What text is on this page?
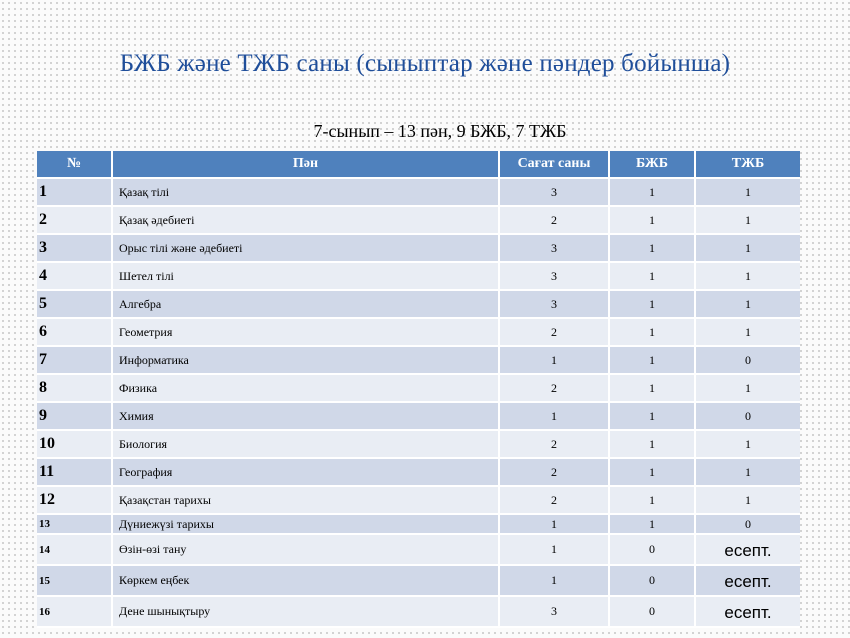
БЖБ және ТЖБ саны (сыныптар және пәндер бойынша)
7-сынып – 13 пән, 9 БЖБ, 7 ТЖБ
№	Пән	Сағат саны	БЖБ	ТЖБ
1	Қазақ тілі	3	1	1
2	Қазақ әдебиеті	2	1	1
3	Орыс тілі және әдебиеті	3	1	1
4	Шетел тілі	3	1	1
5	Алгебра	3	1	1
6	Геометрия	2	1	1
7	Информатика	1	1	0
8	Физика	2	1	1
9	Химия	1	1	0
10	Биология	2	1	1
11	География	2	1	1
12	Қазақстан тарихы	2	1	1
13	Дүниежүзі тарихы	1	1	0
14	Өзін-өзі тану	1	0	есепт.
15	Көркем еңбек	1	0	есепт.
16	Дене шынықтыру	3	0	есепт.
